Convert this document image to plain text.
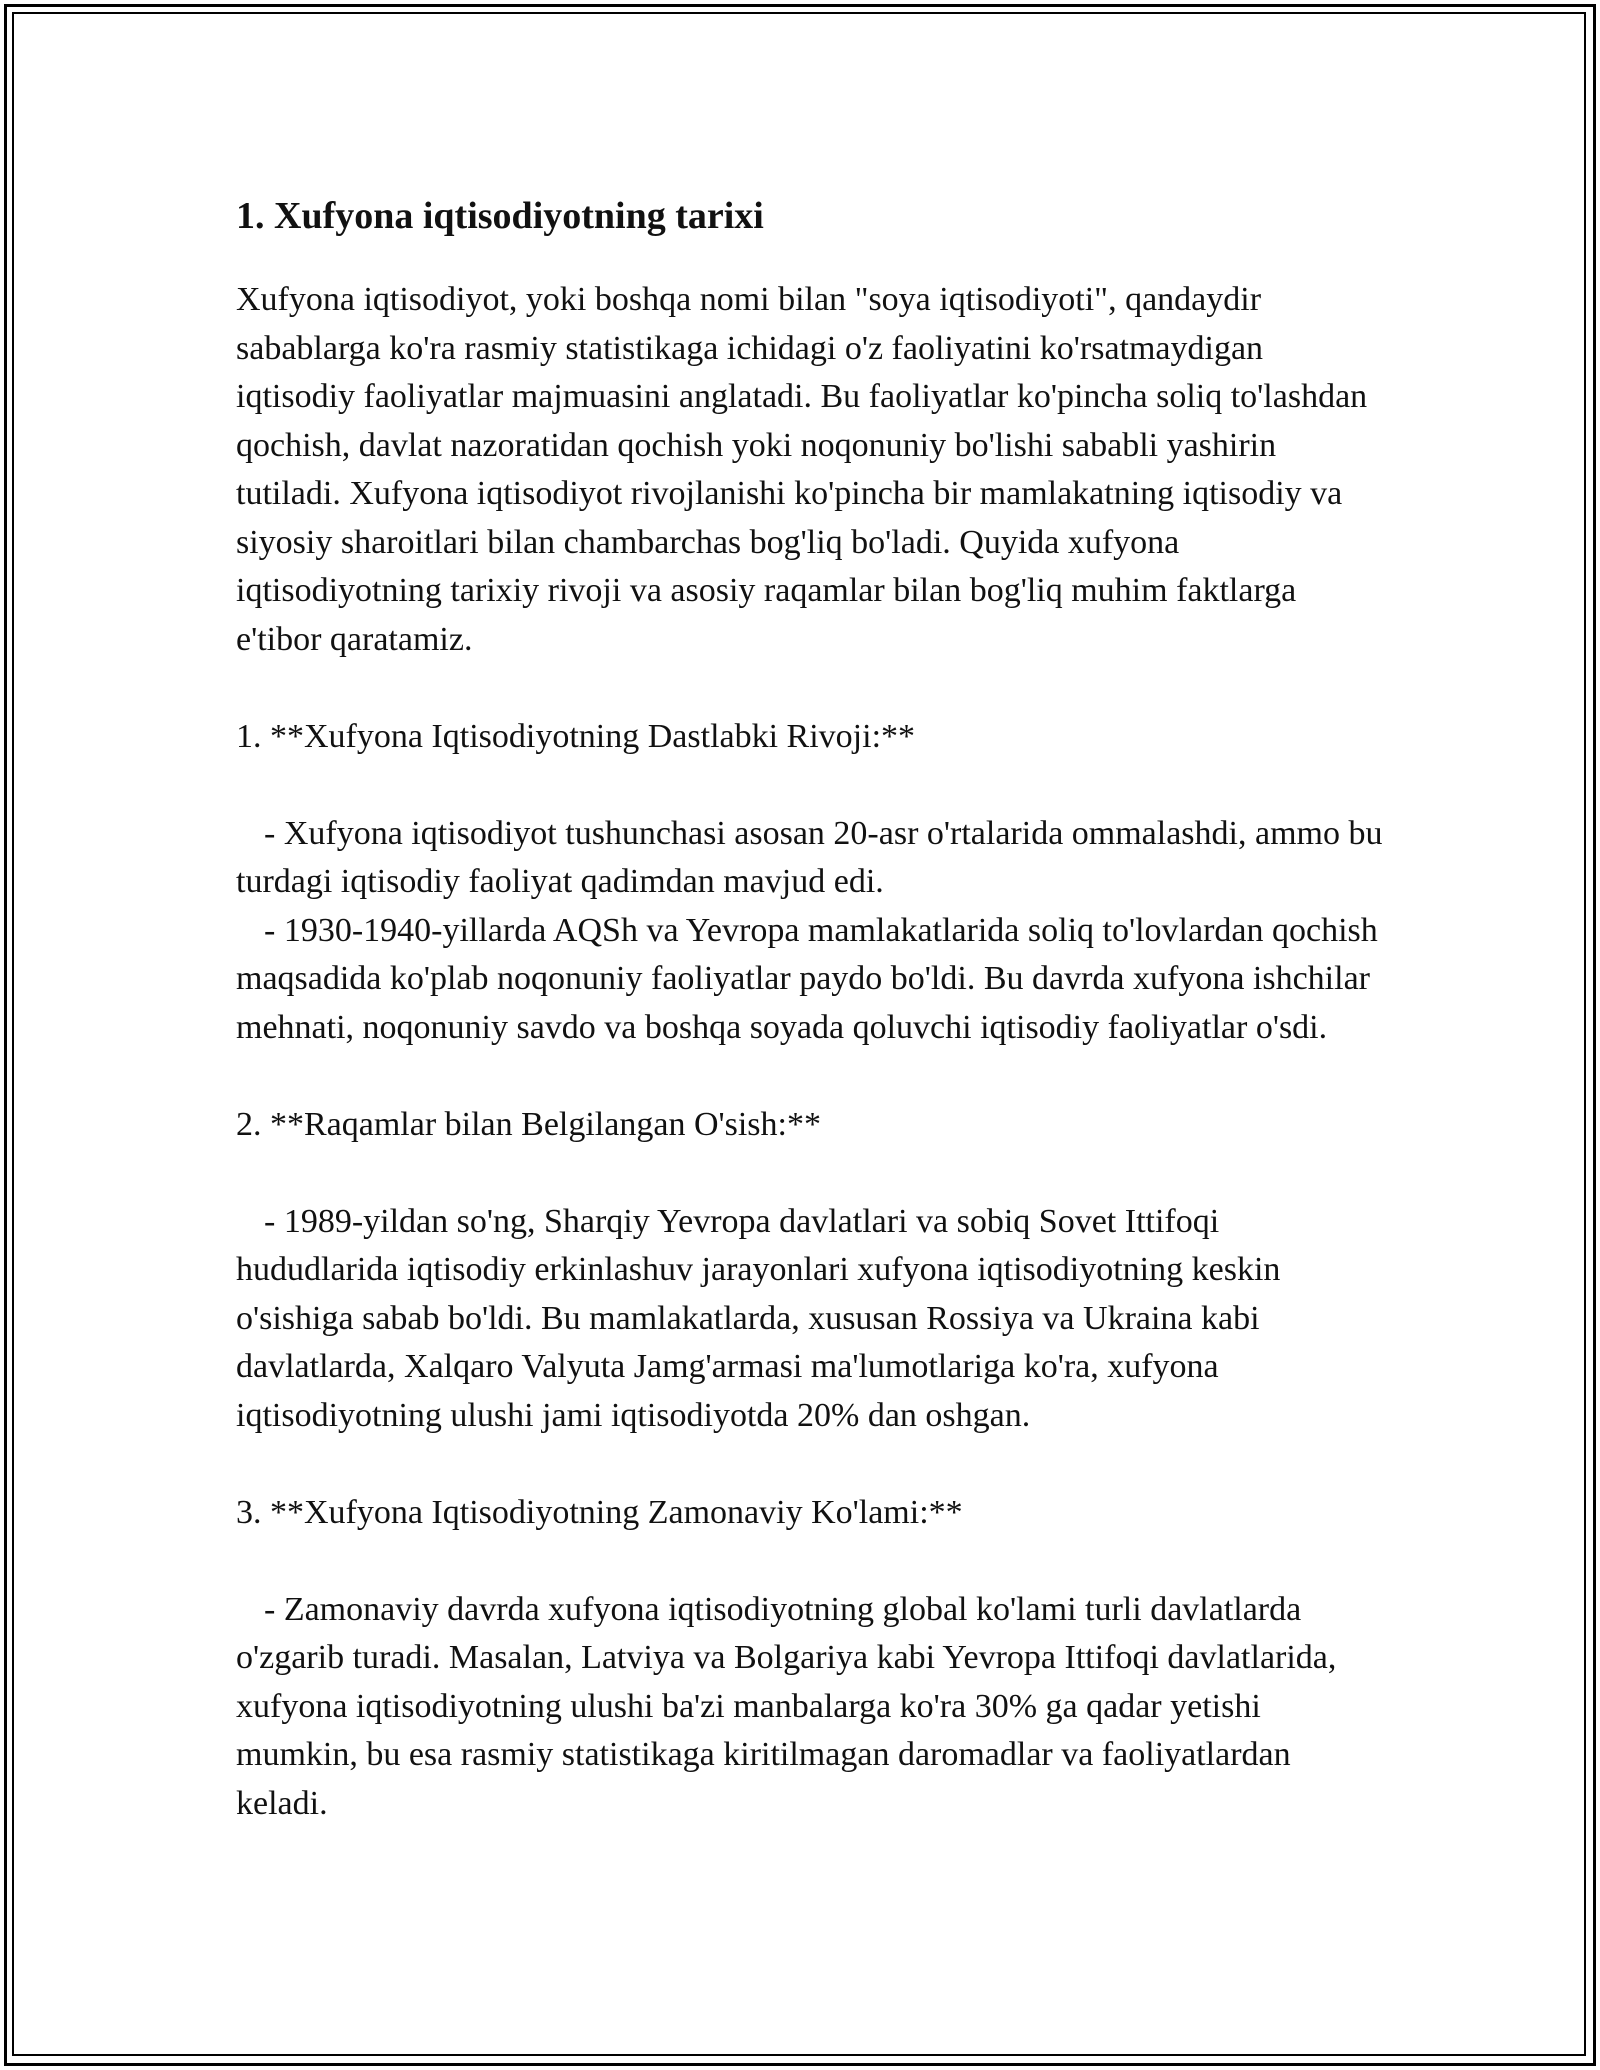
1. Xufyona iqtisodiyotning tarixi

Xufyona iqtisodiyot, yoki boshqa nomi bilan "soya iqtisodiyoti", qandaydir sabablarga ko'ra rasmiy statistikaga ichidagi o'z faoliyatini ko'rsatmaydigan iqtisodiy faoliyatlar majmuasini anglatadi. Bu faoliyatlar ko'pincha soliq to'lashdan qochish, davlat nazoratidan qochish yoki noqonuniy bo'lishi sababli yashirin tutiladi. Xufyona iqtisodiyot rivojlanishi ko'pincha bir mamlakatning iqtisodiy va siyosiy sharoitlari bilan chambarchas bog'liq bo'ladi. Quyida xufyona iqtisodiyotning tarixiy rivoji va asosiy raqamlar bilan bog'liq muhim faktlarga e'tibor qaratamiz.

1. **Xufyona Iqtisodiyotning Dastlabki Rivoji:**

- Xufyona iqtisodiyot tushunchasi asosan 20-asr o'rtalarida ommalashdi, ammo bu turdagi iqtisodiy faoliyat qadimdan mavjud edi.

- 1930-1940-yillarda AQSh va Yevropa mamlakatlarida soliq to'lovlardan qochish maqsadida ko'plab noqonuniy faoliyatlar paydo bo'ldi. Bu davrda xufyona ishchilar mehnati, noqonuniy savdo va boshqa soyada qoluvchi iqtisodiy faoliyatlar o'sdi.

2. **Raqamlar bilan Belgilangan O'sish:**

- 1989-yildan so'ng, Sharqiy Yevropa davlatlari va sobiq Sovet Ittifoqi hududlarida iqtisodiy erkinlashuv jarayonlari xufyona iqtisodiyotning keskin o'sishiga sabab bo'ldi. Bu mamlakatlarda, xususan Rossiya va Ukraina kabi davlatlarda, Xalqaro Valyuta Jamg'armasi ma'lumotlariga ko'ra, xufyona iqtisodiyotning ulushi jami iqtisodiyotda 20% dan oshgan.

3. **Xufyona Iqtisodiyotning Zamonaviy Ko'lami:**

- Zamonaviy davrda xufyona iqtisodiyotning global ko'lami turli davlatlarda o'zgarib turadi. Masalan, Latviya va Bolgariya kabi Yevropa Ittifoqi davlatlarida, xufyona iqtisodiyotning ulushi ba'zi manbalarga ko'ra 30% ga qadar yetishi mumkin, bu esa rasmiy statistikaga kiritilmagan daromadlar va faoliyatlardan keladi.
